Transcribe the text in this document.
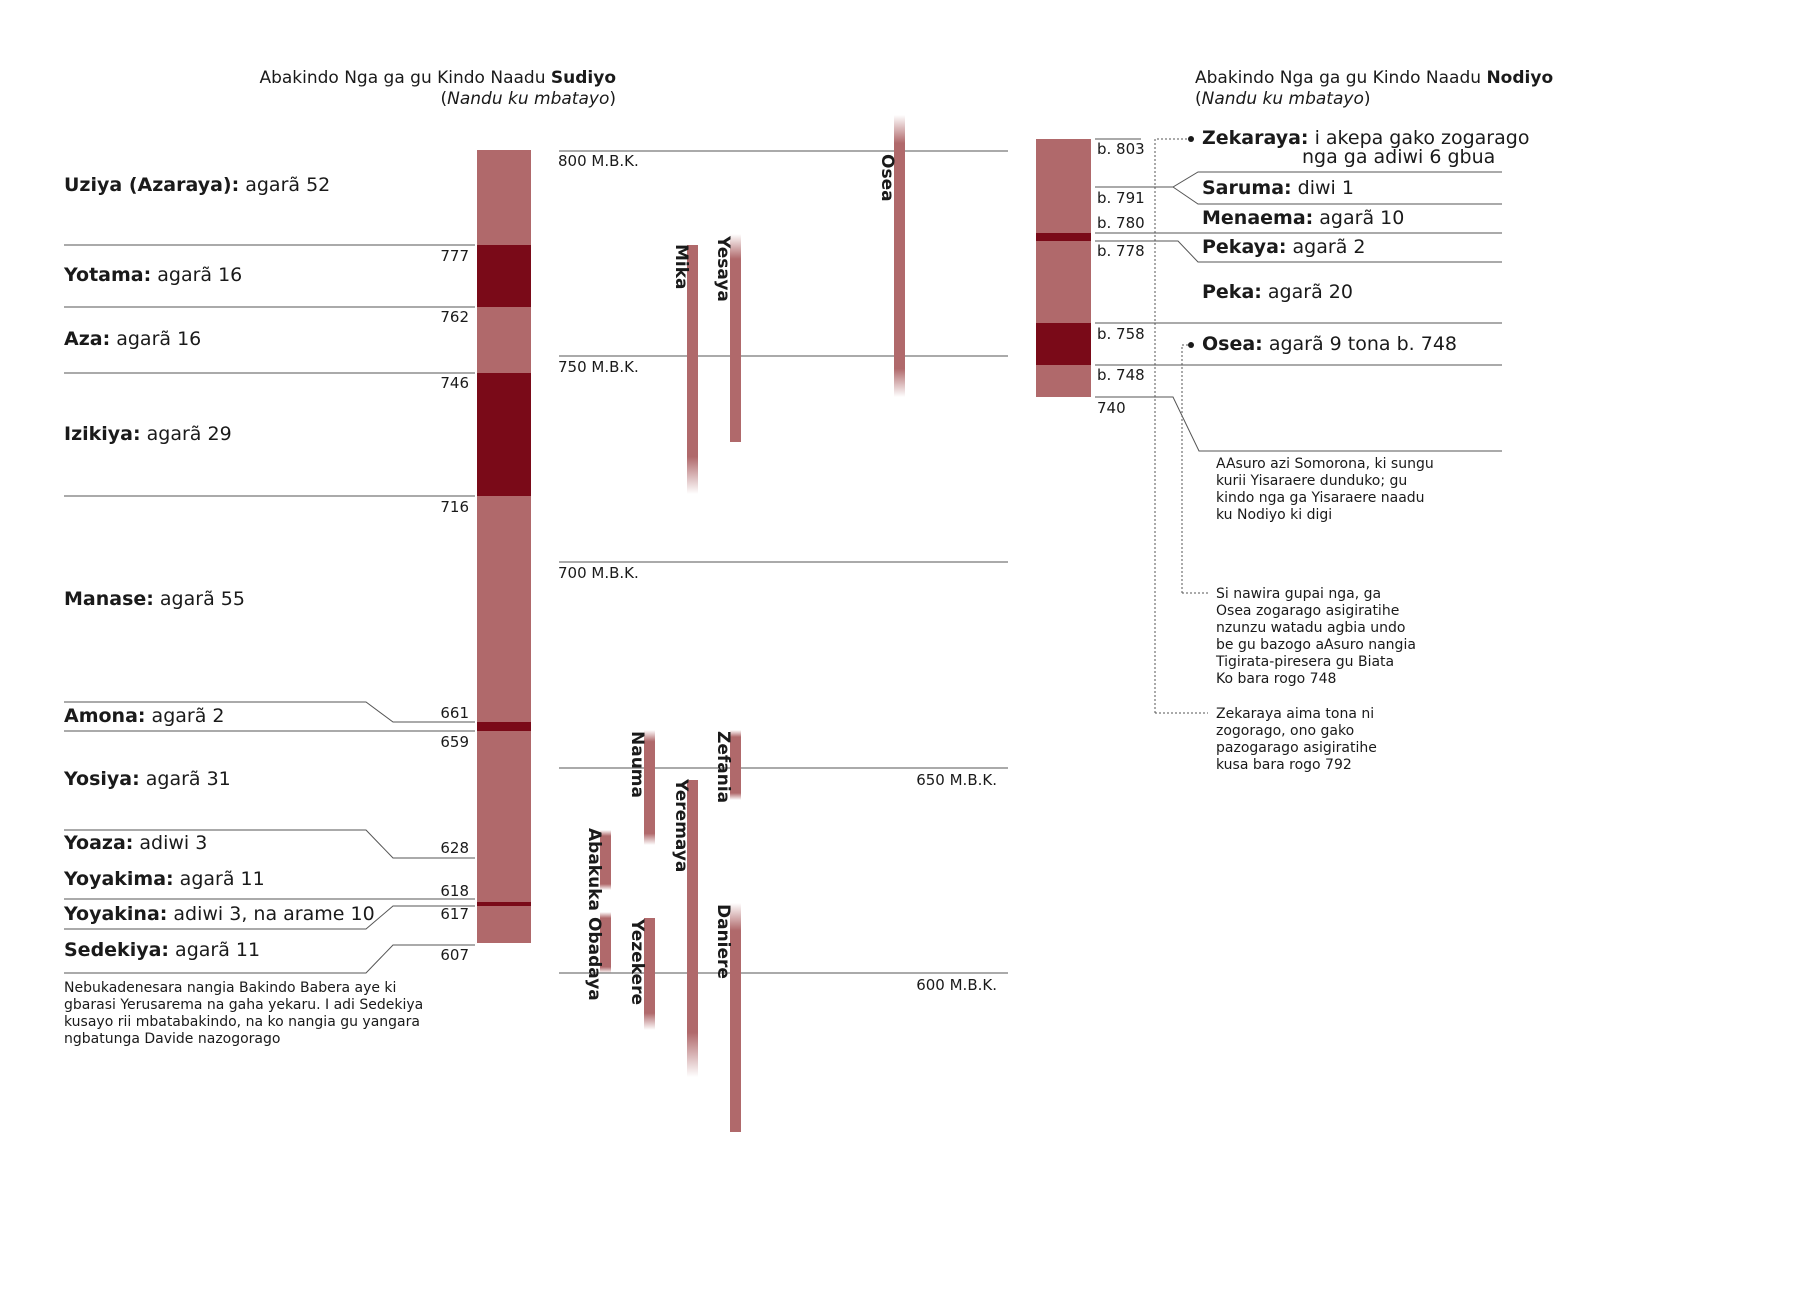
Abakindo Nga ga gu Kindo Naadu Sudiyo
(Nandu ku mbatayo)
Abakindo Nga ga gu Kindo Naadu Nodiyo
(Nandu ku mbatayo)
Uziya (Azaraya): agarã 52
Yotama: agarã 16
Aza: agarã 16
Izikiya: agarã 29
Manase: agarã 55
Amona: agarã 2
Yosiya: agarã 31
Yoaza: adiwi 3
Yoyakima: agarã 11
Yoyakina: adiwi 3, na arame 10
Sedekiya: agarã 11
777
762
746
716
661
659
628
618
617
607
Nebukadenesara nangia Bakindo Babera aye ki
gbarasi Yerusarema na gaha yekaru. I adi Sedekiya
kusayo rii mbatabakindo, na ko nangia gu yangara
ngbatunga Davide nazogorago
800 M.B.K.
750 M.B.K.
700 M.B.K.
650 M.B.K.
600 M.B.K.
Osea
Mika Yesaya
Nauma	Zefania
Yeremaya
Abakuka
Obadaya Yezekere	Daniere
b. 803
b. 791
b. 780
b. 778
b. 758
b. 748
740
Zekaraya: i akepa gako zogarago
Saruma: diwi 1
Menaema: agarã 10
Pekaya: agarã 2
Peka: agarã 20
Osea: agarã 9 tona b. 748
nga ga adiwi 6 gbua
AAsuro azi Somorona, ki sungu
kurii Yisaraere dunduko; gu
kindo nga ga Yisaraere naadu
ku Nodiyo ki digi
Si nawira gupai nga, ga
Osea zogarago asigiratihe
nzunzu watadu agbia undo
be gu bazogo aAsuro nangia
Tigirata-piresera gu Biata
Ko bara rogo 748
Zekaraya aima tona ni
zogorago, ono gako
pazogarago asigiratihe
kusa bara rogo 792
